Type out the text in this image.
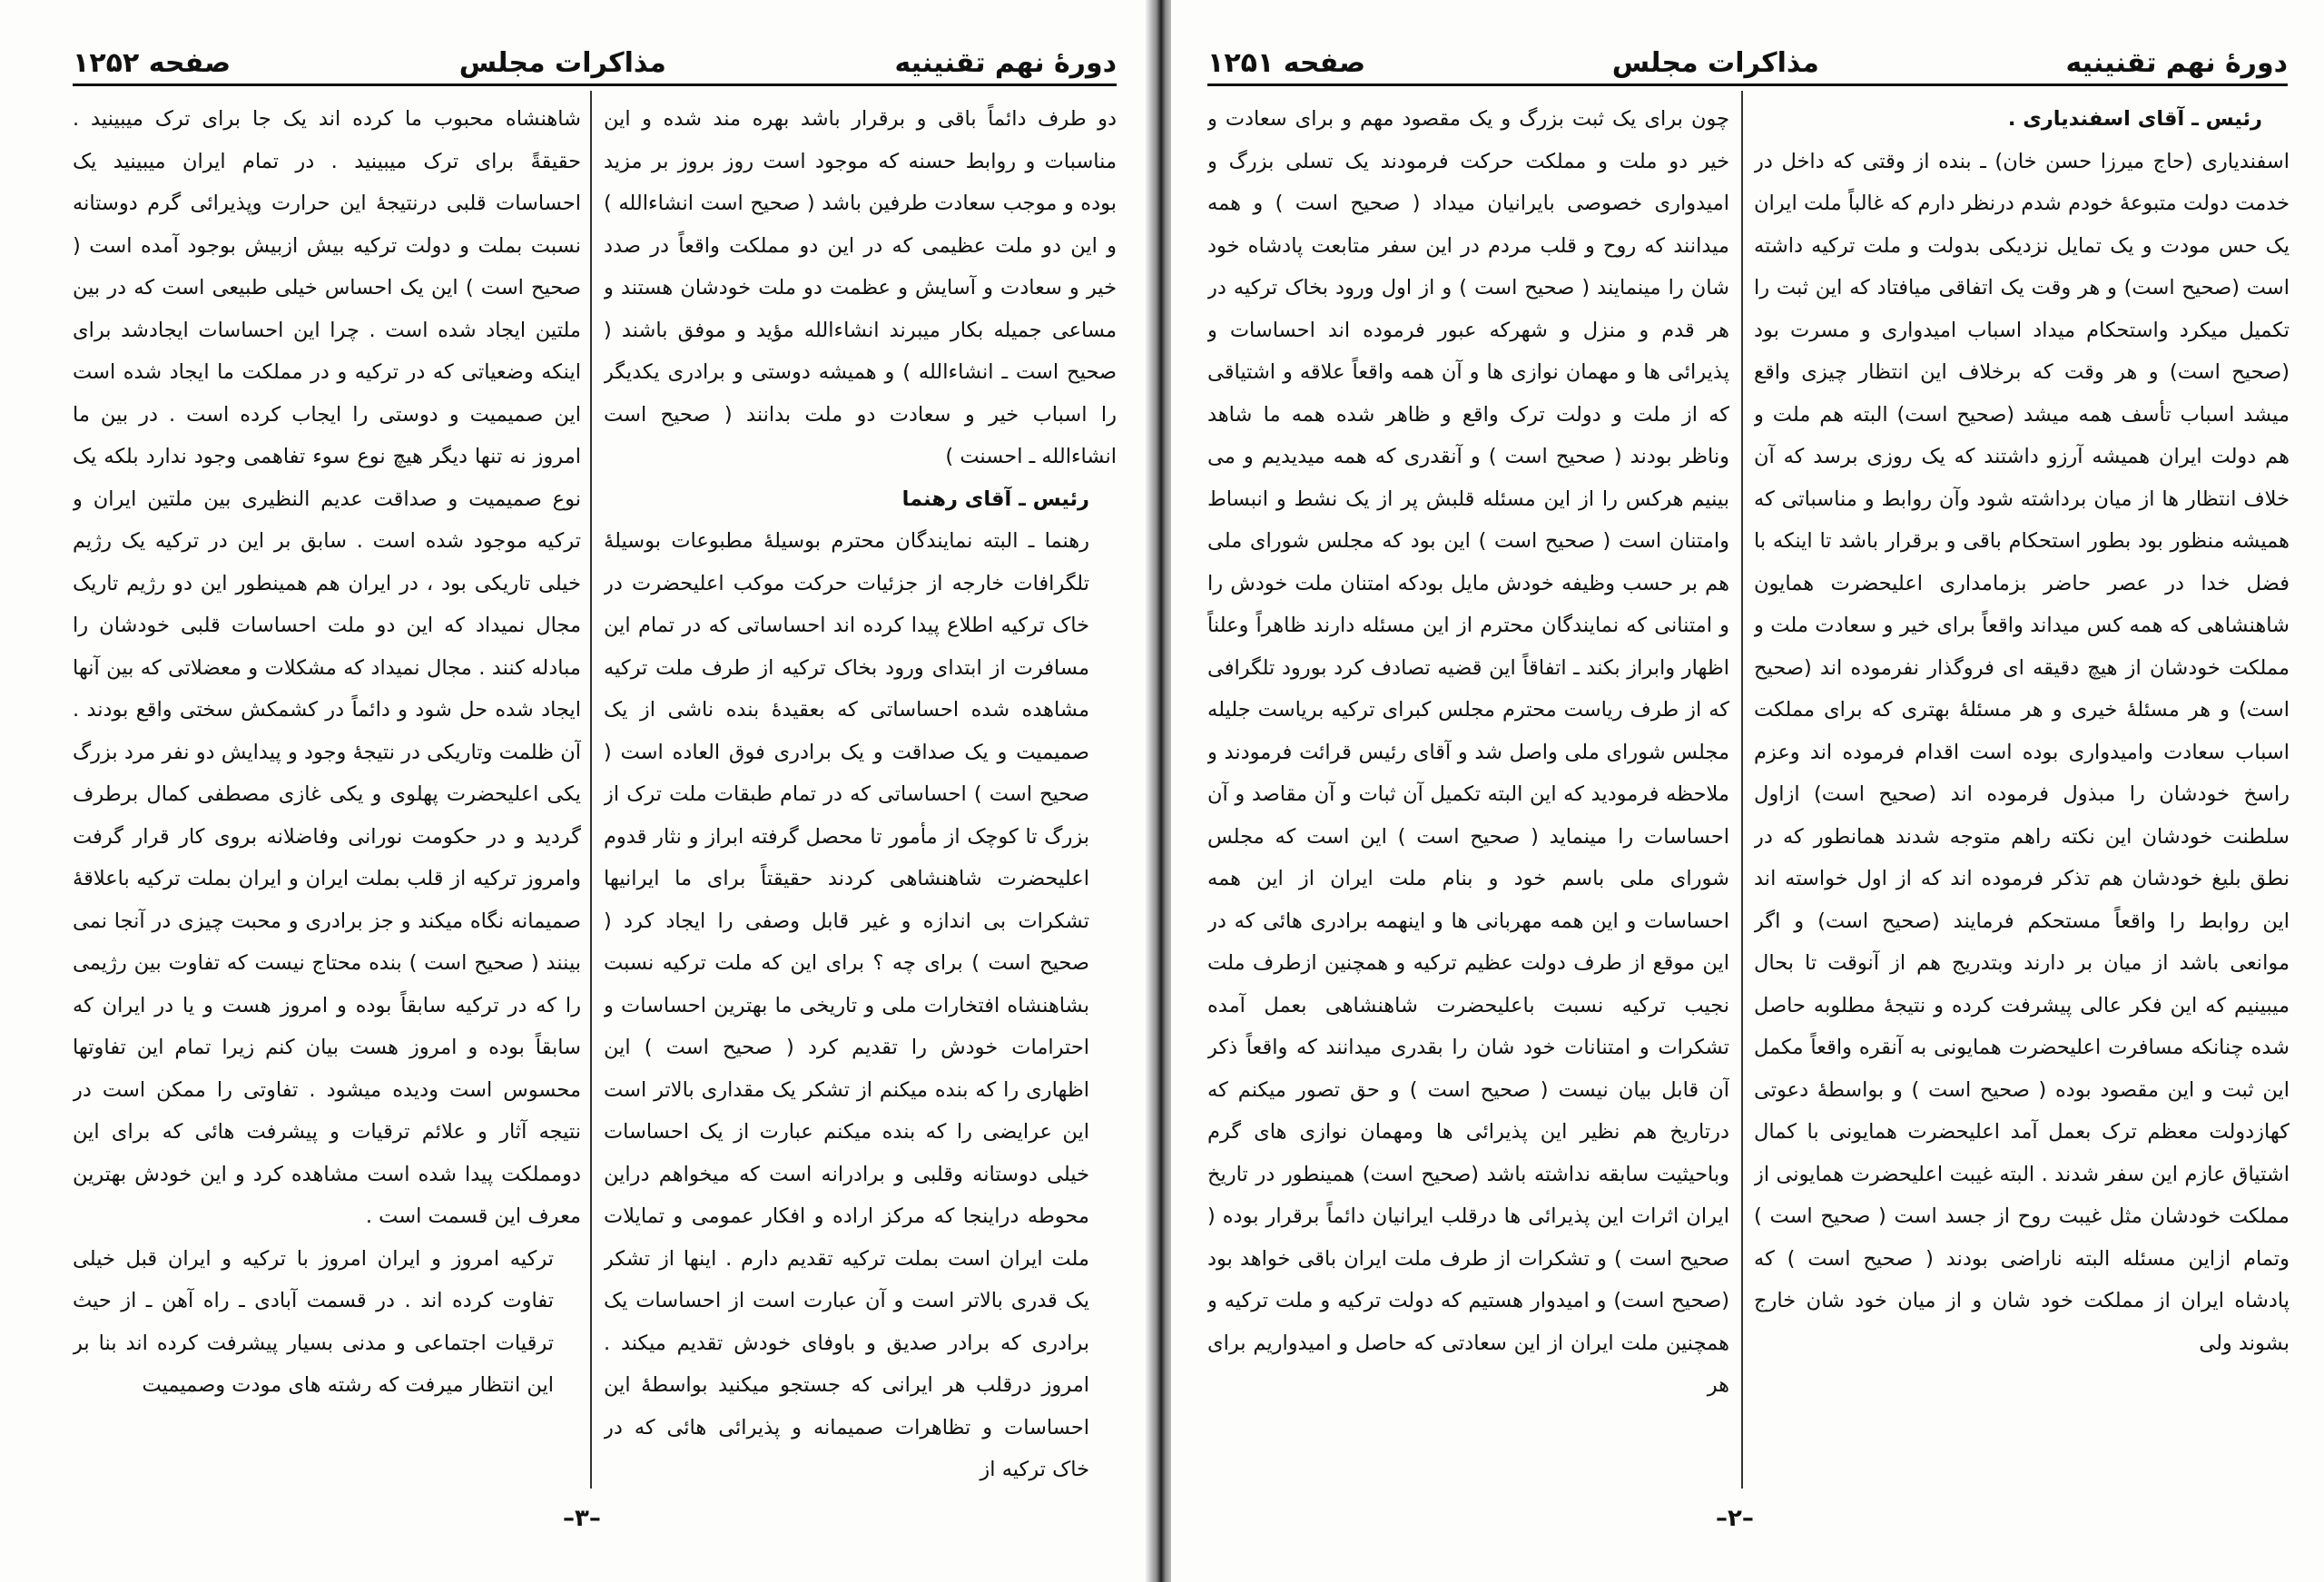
دورهٔ نهم تقنینیه
مذاکرات مجلس
صفحه ۱۲۵۲

دو طرف دائماً باقی و برقرار باشد بهره مند شده و این مناسبات و روابط حسنه که موجود است روز بروز بر مزید بوده و موجب سعادت طرفین باشد ( صحیح است انشاءالله ) و این دو ملت عظیمی که در این دو مملکت واقعاً در صدد خیر و سعادت و آسایش و عظمت دو ملت خودشان هستند و مساعی جمیله بکار میبرند انشاءالله مؤید و موفق باشند ( صحیح است ـ انشاءالله ) و همیشه دوستی و برادری یکدیگر را اسباب خیر و سعادت دو ملت بدانند ( صحیح است انشاءالله ـ احسنت )

رئیس ـ آقای رهنما

رهنما ـ البته نمایندگان محترم بوسیلهٔ مطبوعات بوسیلهٔ تلگرافات خارجه از جزئیات حرکت موکب اعلیحضرت در خاک ترکیه اطلاع پیدا کرده اند احساساتی که در تمام این مسافرت از ابتدای ورود بخاک ترکیه از طرف ملت ترکیه مشاهده شده احساساتی که بعقیدهٔ بنده ناشی از یک صمیمیت و یک صداقت و یک برادری فوق العاده است ( صحیح است ) احساساتی که در تمام طبقات ملت ترک از بزرگ تا کوچک از مأمور تا محصل گرفته ابراز و نثار قدوم اعلیحضرت شاهنشاهی کردند حقیقتاً برای ما ایرانیها تشکرات بی اندازه و غیر قابل وصفی را ایجاد کرد ( صحیح است ) برای چه ؟ برای این که ملت ترکیه نسبت بشاهنشاه افتخارات ملی و تاریخی ما بهترین احساسات و احترامات خودش را تقدیم کرد ( صحیح است ) این اظهاری را که بنده میکنم از تشکر یک مقداری بالاتر است این عرایضی را که بنده میکنم عبارت از یک احساسات خیلی دوستانه وقلبی و برادرانه است که میخواهم دراین محوطه دراینجا که مرکز اراده و افکار عمومی و تمایلات ملت ایران است بملت ترکیه تقدیم دارم . اینها از تشکر یک قدری بالاتر است و آن عبارت است از احساسات یک برادری که برادر صدیق و باوفای خودش تقدیم میکند . امروز درقلب هر ایرانی که جستجو میکنید بواسطهٔ این احساسات و تظاهرات صمیمانه و پذیرائی هائی که در خاک ترکیه از

شاهنشاه محبوب ما کرده اند یک جا برای ترک میبینید . حقیقةً برای ترک میبینید . در تمام ایران میبینید یک احساسات قلبی درنتیجهٔ این حرارت وپذیرائی گرم دوستانه نسبت بملت و دولت ترکیه بیش ازبیش بوجود آمده است ( صحیح است ) این یک احساس خیلی طبیعی است که در بین ملتین ایجاد شده است . چرا این احساسات ایجادشد برای اینکه وضعیاتی که در ترکیه و در مملکت ما ایجاد شده است این صمیمیت و دوستی را ایجاب کرده است . در بین ما امروز نه تنها دیگر هیچ نوع سوء تفاهمی وجود ندارد بلکه یک نوع صمیمیت و صداقت عدیم النظیری بین ملتین ایران و ترکیه موجود شده است . سابق بر این در ترکیه یک رژیم خیلی تاریکی بود ، در ایران هم همینطور این دو رژیم تاریک مجال نمیداد که این دو ملت احساسات قلبی خودشان را مبادله کنند . مجال نمیداد که مشکلات و معضلاتی که بین آنها ایجاد شده حل شود و دائماً در کشمکش سختی واقع بودند . آن ظلمت وتاریکی در نتیجهٔ وجود و پیدایش دو نفر مرد بزرگ یکی اعلیحضرت پهلوی و یکی غازی مصطفی کمال برطرف گردید و در حکومت نورانی وفاضلانه بروی کار قرار گرفت وامروز ترکیه از قلب بملت ایران و ایران بملت ترکیه باعلاقهٔ صمیمانه نگاه میکند و جز برادری و محبت چیزی در آنجا نمی بینند ( صحیح است ) بنده محتاج نیست که تفاوت بین رژیمی را که در ترکیه سابقاً بوده و امروز هست و یا در ایران که سابقاً بوده و امروز هست بیان کنم زیرا تمام این تفاوتها محسوس است ودیده میشود . تفاوتی را ممکن است در نتیجه آثار و علائم ترقیات و پیشرفت هائی که برای این دومملکت پیدا شده است مشاهده کرد و این خودش بهترین معرف این قسمت است .

ترکیه امروز و ایران امروز با ترکیه و ایران قبل خیلی تفاوت کرده اند . در قسمت آبادی ـ راه آهن ـ از حیث ترقیات اجتماعی و مدنی بسیار پیشرفت کرده اند بنا بر این انتظار میرفت که رشته های مودت وصمیمیت

–۳–
دورهٔ نهم تقنینیه
مذاکرات مجلس
صفحه ۱۲۵۱

رئیس ـ آقای اسفندیاری .

اسفندیاری (حاج میرزا حسن خان) ـ بنده از وقتی که داخل در خدمت دولت متبوعهٔ خودم شدم درنظر دارم که غالباً ملت ایران یک حس مودت و یک تمایل نزدیکی بدولت و ملت ترکیه داشته است (صحیح است) و هر وقت یک اتفاقی میافتاد که این ثبت را تکمیل میکرد واستحکام میداد اسباب امیدواری و مسرت بود (صحیح است) و هر وقت که برخلاف این انتظار چیزی واقع میشد اسباب تأسف همه میشد (صحیح است) البته هم ملت و هم دولت ایران همیشه آرزو داشتند که یک روزی برسد که آن خلاف انتظار ها از میان برداشته شود وآن روابط و مناسباتی که همیشه منظور بود بطور استحکام باقی و برقرار باشد تا اینکه با فضل خدا در عصر حاضر بزمامداری اعلیحضرت همایون شاهنشاهی که همه کس میداند واقعاً برای خیر و سعادت ملت و مملکت خودشان از هیچ دقیقه ای فروگذار نفرموده اند (صحیح است) و هر مسئلهٔ خیری و هر مسئلهٔ بهتری که برای مملکت اسباب سعادت وامیدواری بوده است اقدام فرموده اند وعزم راسخ خودشان را مبذول فرموده اند (صحیح است) ازاول سلطنت خودشان این نکته راهم متوجه شدند همانطور که در نطق بلیغ خودشان هم تذکر فرموده اند که از اول خواسته اند این روابط را واقعاً مستحکم فرمایند (صحیح است) و اگر موانعی باشد از میان بر دارند وبتدریج هم از آنوقت تا بحال میبینیم که این فکر عالی پیشرفت کرده و نتیجهٔ مطلوبه حاصل شده چنانکه مسافرت اعلیحضرت همایونی به آنقره واقعاً مکمل این ثبت و این مقصود بوده ( صحیح است ) و بواسطهٔ دعوتی کهازدولت معظم ترک بعمل آمد اعلیحضرت همایونی با کمال اشتیاق عازم این سفر شدند . البته غیبت اعلیحضرت همایونی از مملکت خودشان مثل غیبت روح از جسد است ( صحیح است ) وتمام ازاین مسئله البته ناراضی بودند ( صحیح است ) که پادشاه ایران از مملکت خود شان و از میان خود شان خارج بشوند ولی

چون برای یک ثبت بزرگ و یک مقصود مهم و برای سعادت و خیر دو ملت و مملکت حرکت فرمودند یک تسلی بزرگ و امیدواری خصوصی بایرانیان میداد ( صحیح است ) و همه میدانند که روح و قلب مردم در این سفر متابعت پادشاه خود شان را مینمایند ( صحیح است ) و از اول ورود بخاک ترکیه در هر قدم و منزل و شهرکه عبور فرموده اند احساسات و پذیرائی ها و مهمان نوازی ها و آن همه واقعاً علاقه و اشتیاقی که از ملت و دولت ترک واقع و ظاهر شده همه ما شاهد وناظر بودند ( صحیح است ) و آنقدری که همه میدیدیم و می بینیم هرکس را از این مسئله قلبش پر از یک نشط و انبساط وامتنان است ( صحیح است ) این بود که مجلس شورای ملی هم بر حسب وظیفه خودش مایل بودکه امتنان ملت خودش را و امتنانی که نمایندگان محترم از این مسئله دارند ظاهراً وعلناً اظهار وابراز بکند ـ اتفاقاً این قضیه تصادف کرد بورود تلگرافی که از طرف ریاست محترم مجلس کبرای ترکیه بریاست جلیله مجلس شورای ملی واصل شد و آقای رئیس قرائت فرمودند و ملاحظه فرمودید که این البته تکمیل آن ثبات و آن مقاصد و آن احساسات را مینماید ( صحیح است ) این است که مجلس شورای ملی باسم خود و بنام ملت ایران از این همه احساسات و این همه مهربانی ها و اینهمه برادری هائی که در این موقع از طرف دولت عظیم ترکیه و همچنین ازطرف ملت نجیب ترکیه نسبت باعلیحضرت شاهنشاهی بعمل آمده تشکرات و امتنانات خود شان را بقدری میدانند که واقعاً ذکر آن قابل بیان نیست ( صحیح است ) و حق تصور میکنم که درتاریخ هم نظیر این پذیرائی ها ومهمان نوازی های گرم وباحیثیت سابقه نداشته باشد (صحیح است) همینطور در تاریخ ایران اثرات این پذیرائی ها درقلب ایرانیان دائماً برقرار بوده ( صحیح است ) و تشکرات از طرف ملت ایران باقی خواهد بود (صحیح است) و امیدوار هستیم که دولت ترکیه و ملت ترکیه و همچنین ملت ایران از این سعادتی که حاصل و امیدواریم برای هر

–۲–
